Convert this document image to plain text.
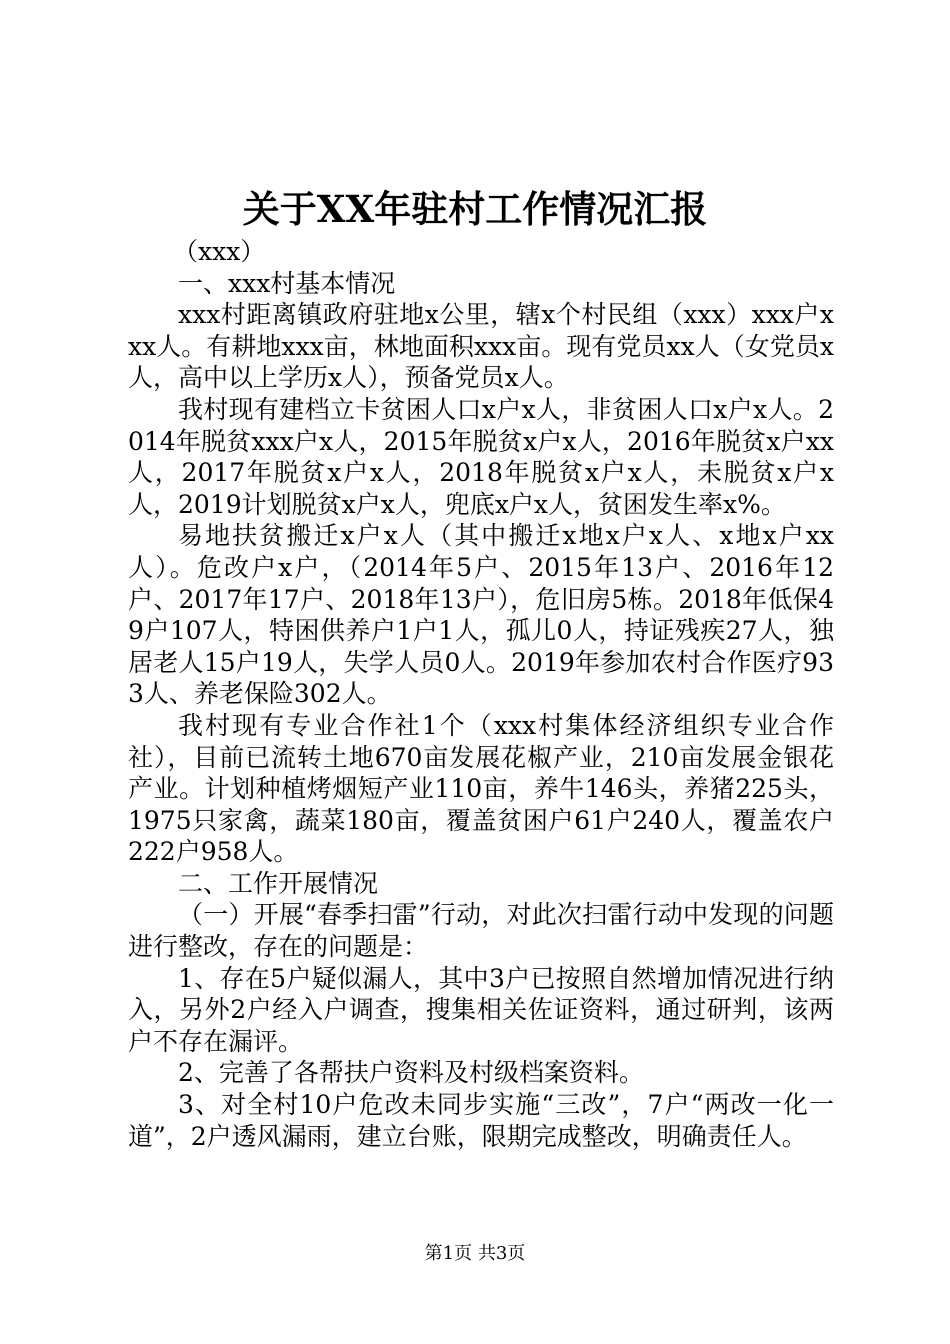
关于XX年驻村工作情况汇报

（xxx）

一、xxx村基本情况

xxx村距离镇政府驻地x公里，辖x个村民组（xxx）xxx户xxx人。有耕地xxx亩，林地面积xxx亩。现有党员xx人（女党员x人，高中以上学历x人），预备党员x人。

我村现有建档立卡贫困人口x户x人，非贫困人口x户x人。2014年脱贫xxx户x人，2015年脱贫x户x人，2016年脱贫x户xx人，2017年脱贫x户x人，2018年脱贫x户x人，未脱贫x户x人，2019计划脱贫x户x人，兜底x户x人，贫困发生率x%。

易地扶贫搬迁x户x人（其中搬迁x地x户x人、x地x户xx人）。危改户x户，（2014年5户、2015年13户、2016年12户、2017年17户、2018年13户），危旧房5栋。2018年低保49户107人，特困供养户1户1人，孤儿0人，持证残疾27人，独居老人15户19人，失学人员0人。2019年参加农村合作医疗933人、养老保险302人。

我村现有专业合作社1个（xxx村集体经济组织专业合作社），目前已流转土地670亩发展花椒产业，210亩发展金银花产业。计划种植烤烟短产业110亩，养牛146头，养猪225头，1975只家禽，蔬菜180亩，覆盖贫困户61户240人，覆盖农户222户958人。

二、工作开展情况

（一）开展“春季扫雷”行动，对此次扫雷行动中发现的问题进行整改，存在的问题是：

1、存在5户疑似漏人，其中3户已按照自然增加情况进行纳入，另外2户经入户调查，搜集相关佐证资料，通过研判，该两户不存在漏评。

2、完善了各帮扶户资料及村级档案资料。

3、对全村10户危改未同步实施“三改”，7户“两改一化一道”，2户透风漏雨，建立台账，限期完成整改，明确责任人。

第1页 共3页
